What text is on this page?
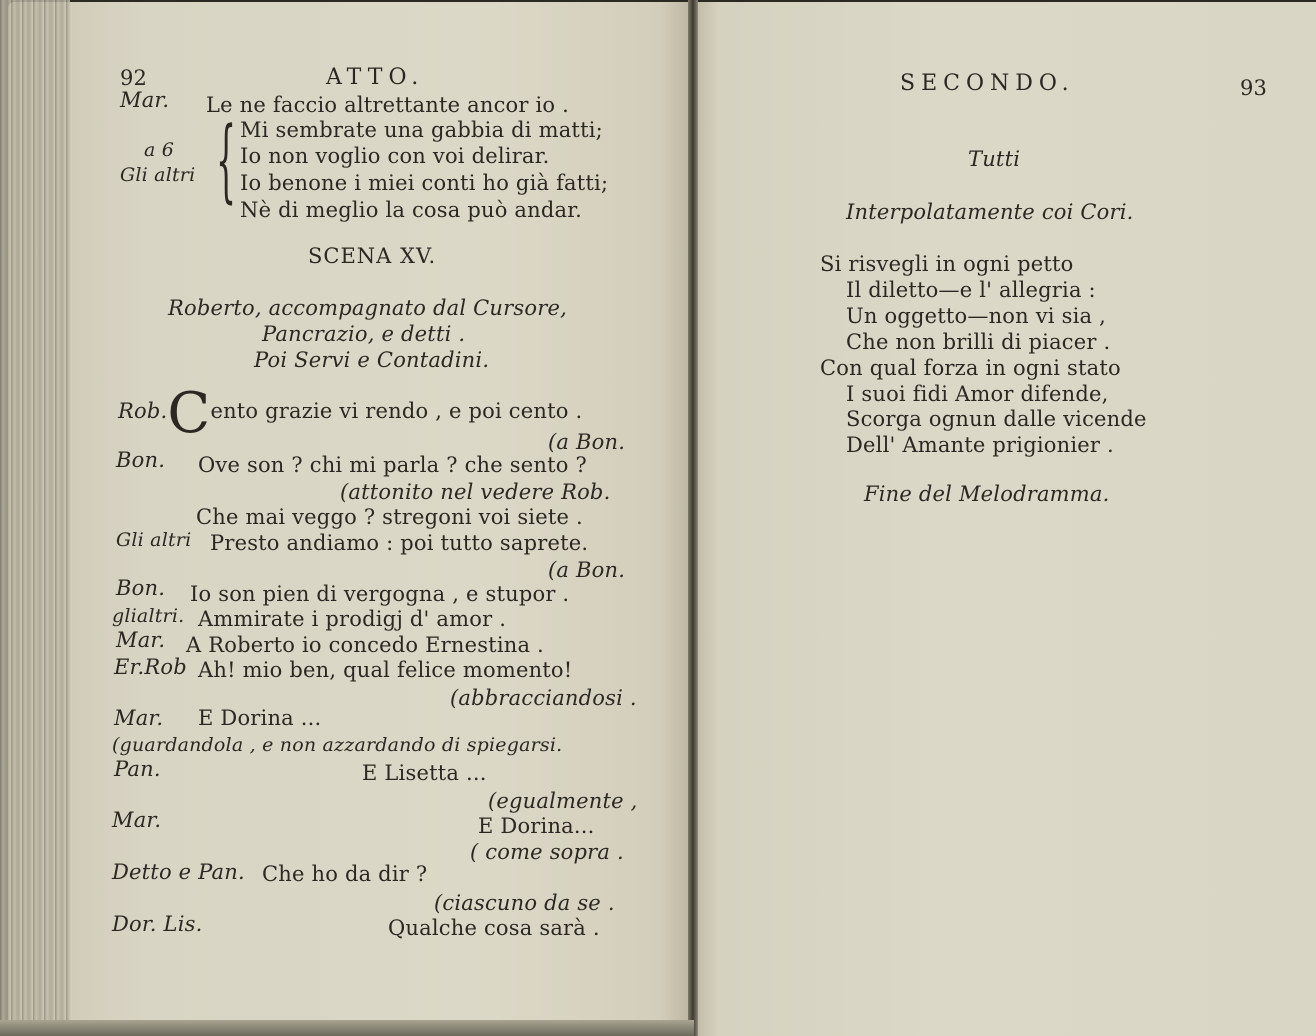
92	ATTO.
Mar. Le ne faccio altrettante ancor io .
a 6
Gli altri { Mi sembrate una gabbia di matti;
Io non voglio con voi delirar.
Io benone i miei conti ho già fatti;
Nè di meglio la cosa può andar.
SCENA XV.
Roberto, accompagnato dal Cursore,
Pancrazio, e detti .
Poi Servi e Contadini.
Rob.Cento grazie vi rendo , e poi cento .
(a Bon.
Bon. Ove son ? chi mi parla ? che sento ?
(attonito nel vedere Rob.
Che mai veggo ? stregoni voi siete .
Gli altri Presto andiamo : poi tutto saprete.
(a Bon.
Bon. Io son pien di vergogna , e stupor .
glialtri. Ammirate i prodigj d' amor .
Mar. A Roberto io concedo Ernestina .
Er.Rob Ah! mio ben, qual felice momento!
(abbracciandosi .
Mar. E Dorina ...
(guardandola , e non azzardando di spiegarsi.
Pan.	E Lisetta ...
(egualmente ,
Mar.	E Dorina...
( come sopra .
Detto e Pan. Che ho da dir ?
(ciascuno da se .
Dor. Lis.	Qualche cosa sarà .
SECONDO.	93
Tutti
Interpolatamente coi Cori.
Si risvegli in ogni petto
Il diletto—e l' allegria :
Un oggetto—non vi sia ,
Che non brilli di piacer .
Con qual forza in ogni stato
I suoi fidi Amor difende,
Scorga ognun dalle vicende
Dell' Amante prigionier .
Fine del Melodramma.
